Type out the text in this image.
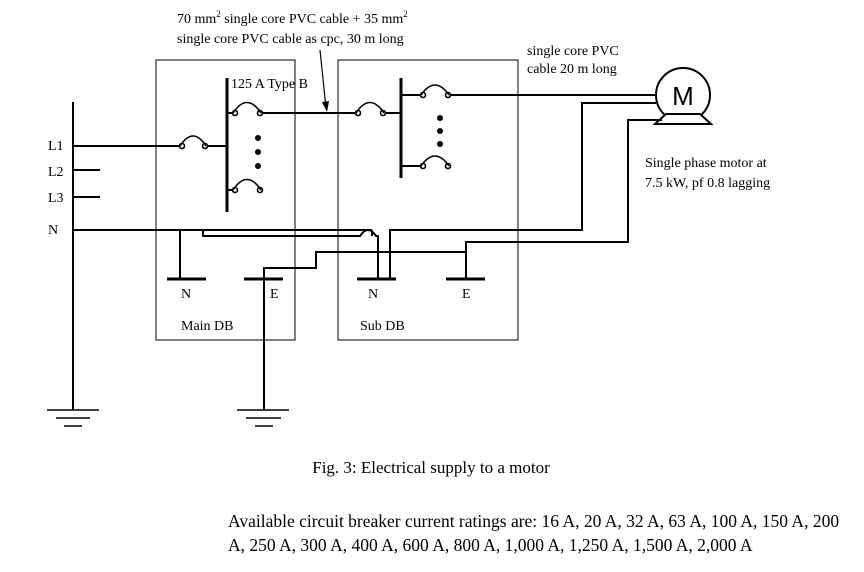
70 $mm^2$ single core PVC cable + 35 $mm^2$
single core PVC cable as cpc, 30 m long
single core PVC
cable 20 m long
Main DB	Sub DB
L1
L2
L3
N
125 A Type B	M
Single phase motor at
7.5 kW, pf 0.8 lagging
N	E	N	E
Fig. 3: Electrical supply to a motor
Available circuit breaker current ratings are: 16 A, 20 A, 32 A, 63 A, 100 A, 150 A, 200
A, 250 A, 300 A, 400 A, 600 A, 800 A, 1,000 A, 1,250 A, 1,500 A, 2,000 A
